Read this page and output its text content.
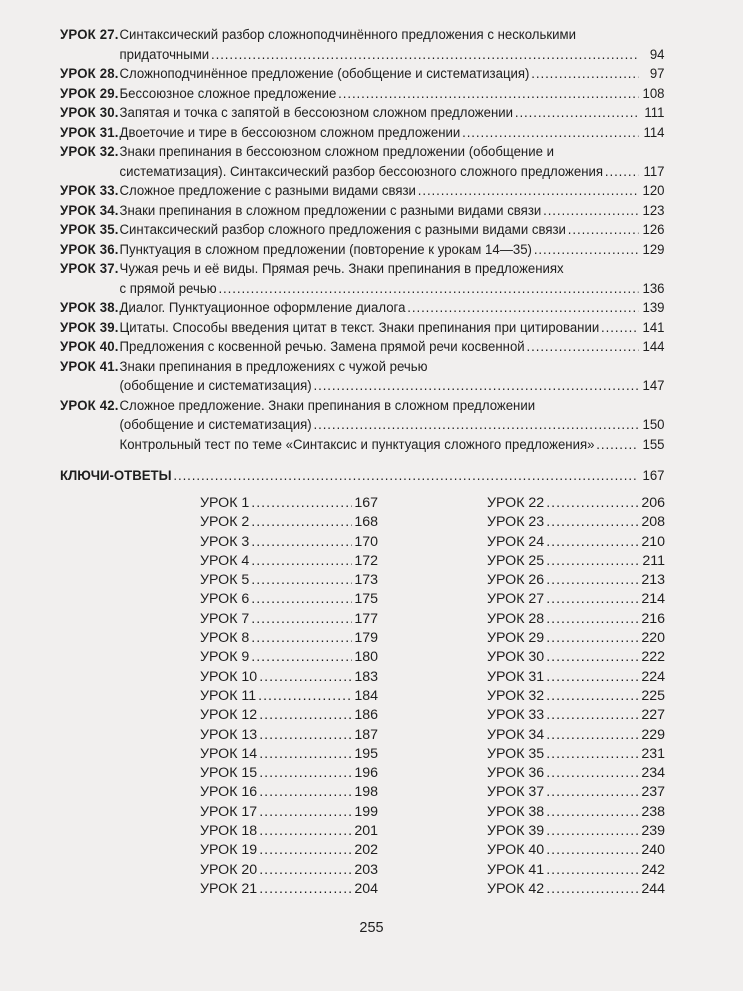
УРОК 27. Синтаксический разбор сложноподчинённого предложения с несколькими
придаточными .....	94
УРОК 28. Сложноподчинённое предложение (обобщение и систематизация) .....	97
УРОК 29. Бессоюзное сложное предложение .....	108
УРОК 30. Запятая и точка с запятой в бессоюзном сложном предложении .....	111
УРОК 31. Двоеточие и тире в бессоюзном сложном предложении .....	114
УРОК 32. Знаки препинания в бессоюзном сложном предложении (обобщение и
систематизация). Синтаксический разбор бессоюзного сложного предложения .....	117
УРОК 33. Сложное предложение с разными видами связи .....	120
УРОК 34. Знаки препинания в сложном предложении с разными видами связи .....	123
УРОК 35. Синтаксический разбор сложного предложения с разными видами связи .....	126
УРОК 36. Пунктуация в сложном предложении (повторение к урокам 14—35) .....	129
УРОК 37. Чужая речь и её виды. Прямая речь. Знаки препинания в предложениях
с прямой речью .....	136
УРОК 38. Диалог. Пунктуационное оформление диалога .....	139
УРОК 39. Цитаты. Способы введения цитат в текст. Знаки препинания при цитировании .....	141
УРОК 40. Предложения с косвенной речью. Замена прямой речи косвенной .....	144
УРОК 41. Знаки препинания в предложениях с чужой речью
(обобщение и систематизация) .....	147
УРОК 42. Сложное предложение. Знаки препинания в сложном предложении
(обобщение и систематизация) .....	150
Контрольный тест по теме «Синтаксис и пунктуация сложного предложения» .....	155
КЛЮЧИ-ОТВЕТЫ .....	167
УРОК 1 .....	167
УРОК 2 .....	168
УРОК 3 .....	170
УРОК 4 .....	172
УРОК 5 .....	173
УРОК 6 .....	175
УРОК 7 .....	177
УРОК 8 .....	179
УРОК 9 .....	180
УРОК 10 .....	183
УРОК 11 .....	184
УРОК 12 .....	186
УРОК 13 .....	187
УРОК 14 .....	195
УРОК 15 .....	196
УРОК 16 .....	198
УРОК 17 .....	199
УРОК 18 .....	201
УРОК 19 .....	202
УРОК 20 .....	203
УРОК 21 .....	204
УРОК 22 .....	206
УРОК 23 .....	208
УРОК 24 .....	210
УРОК 25 .....	211
УРОК 26 .....	213
УРОК 27 .....	214
УРОК 28 .....	216
УРОК 29 .....	220
УРОК 30 .....	222
УРОК 31 .....	224
УРОК 32 .....	225
УРОК 33 .....	227
УРОК 34 .....	229
УРОК 35 .....	231
УРОК 36 .....	234
УРОК 37 .....	237
УРОК 38 .....	238
УРОК 39 .....	239
УРОК 40 .....	240
УРОК 41 .....	242
УРОК 42 .....	244
255
